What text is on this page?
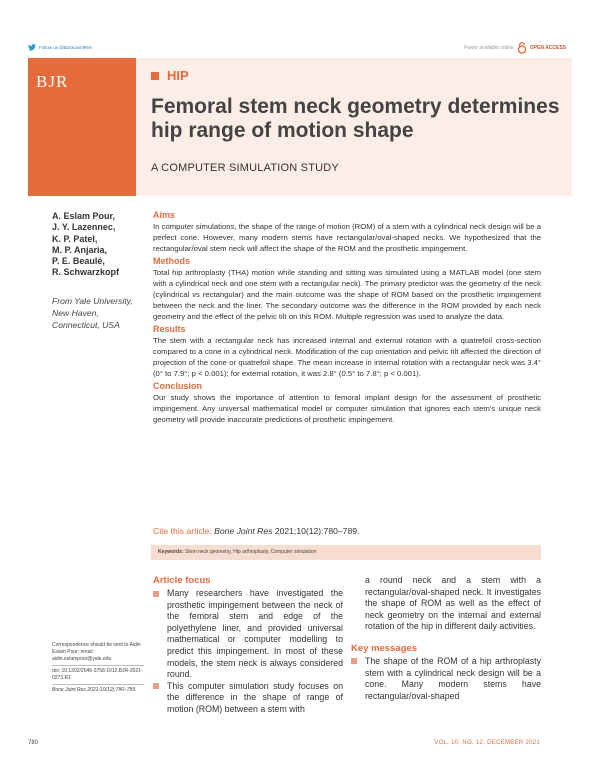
Follow us @BoneJointRes	Freely available online	OPEN ACCESS
BJR	HIP
Femoral stem neck geometry determines hip range of motion shape
A COMPUTER SIMULATION STUDY
A. Eslam Pour,
J. Y. Lazennec,
K. P. Patel,
M. P. Anjaria,
P. E. Beaulé,
R. Schwarzkopf
From Yale University, New Haven, Connecticut, USA

Aims

In computer simulations, the shape of the range of motion (ROM) of a stem with a cylindrical neck design will be a perfect cone. However, many modern stems have rectangular/oval-shaped necks. We hypothesized that the rectangular/oval stem neck will affect the shape of the ROM and the prosthetic impingement.

Methods

Total hip arthroplasty (THA) motion while standing and sitting was simulated using a MATLAB model (one stem with a cylindrical neck and one stem with a rectangular neck). The primary predictor was the geometry of the neck (cylindrical vs rectangular) and the main outcome was the shape of ROM based on the prosthetic impingement between the neck and the liner. The secondary outcome was the difference in the ROM provided by each neck geometry and the effect of the pelvic tilt on this ROM. Multiple regression was used to analyze the data.

Results

The stem with a rectangular neck has increased internal and external rotation with a quatrefoil cross-section compared to a cone in a cylindrical neck. Modification of the cup orientation and pelvic tilt affected the direction of projection of the cone or quatrefoil shape. The mean increase in internal rotation with a rectangular neck was 3.4° (0° to 7.9°; p < 0.001); for external rotation, it was 2.8° (0.5° to 7.8°; p < 0.001).

Conclusion

Our study shows the importance of attention to femoral implant design for the assessment of prosthetic impingement. Any universal mathematical model or computer simulation that ignores each stem’s unique neck geometry will provide inaccurate predictions of prosthetic impingement.

Cite this article: Bone Joint Res 2021;10(12):780–789.
Keywords: Stem neck geometry, Hip arthroplasty, Computer simulation

Article focus

Many researchers have investigated the prosthetic impingement between the neck of the femoral stem and edge of the polyethylene liner, and provided universal mathematical or computer modelling to predict this impingement. In most of these models, the stem neck is always considered round.
This computer simulation study focuses on the difference in the shape of range of motion (ROM) between a stem with
a round neck and a stem with a rectangular/oval-shaped neck. It investigates the shape of ROM as well as the effect of neck geometry on the internal and external rotation of the hip in different daily activities.

Key messages

The shape of the ROM of a hip arthroplasty stem with a cylindrical neck design will be a cone. Many modern stems have rectangular/oval-shaped
Correspondence should be sent to Aidin Eslam Pour; email: aidin.eslampour@yale.edu
doi: 10.1302/2046-3758.1012.BJR-2021-0273.R1
Bone Joint Res 2021;10(12):780–789.
780	VOL. 10, NO. 12, DECEMBER 2021
